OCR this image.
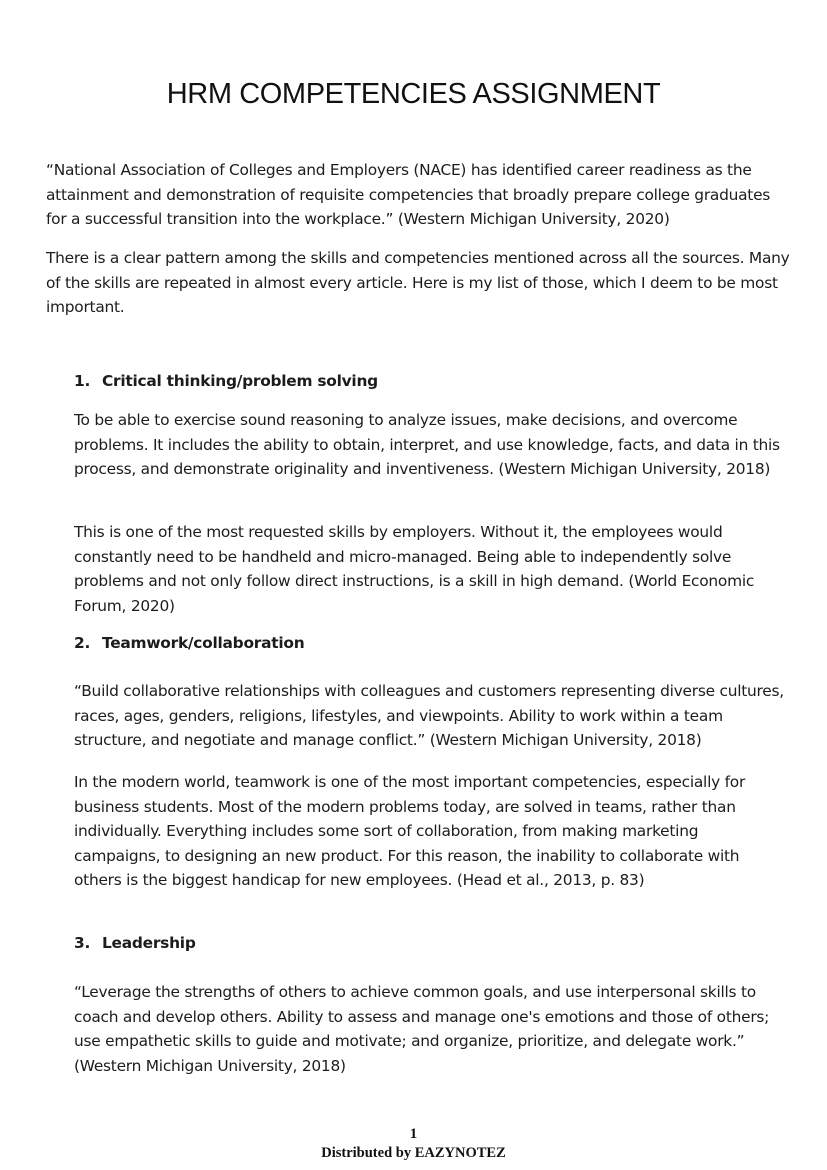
HRM COMPETENCIES ASSIGNMENT

“National Association of Colleges and Employers (NACE) has identified career readiness as the attainment and demonstration of requisite competencies that broadly prepare college graduates for a successful transition into the workplace.” (Western Michigan University, 2020)

There is a clear pattern among the skills and competencies mentioned across all the sources. Many of the skills are repeated in almost every article. Here is my list of those, which I deem to be most important.

1. Critical thinking/problem solving

To be able to exercise sound reasoning to analyze issues, make decisions, and overcome problems. It includes the ability to obtain, interpret, and use knowledge, facts, and data in this process, and demonstrate originality and inventiveness. (Western Michigan University, 2018)

This is one of the most requested skills by employers. Without it, the employees would constantly need to be handheld and micro-managed. Being able to independently solve problems and not only follow direct instructions, is a skill in high demand. (World Economic Forum, 2020)

2. Teamwork/collaboration

“Build collaborative relationships with colleagues and customers representing diverse cultures, races, ages, genders, religions, lifestyles, and viewpoints. Ability to work within a team structure, and negotiate and manage conflict.” (Western Michigan University, 2018)

In the modern world, teamwork is one of the most important competencies, especially for business students. Most of the modern problems today, are solved in teams, rather than individually. Everything includes some sort of collaboration, from making marketing campaigns, to designing an new product. For this reason, the inability to collaborate with others is the biggest handicap for new employees. (Head et al., 2013, p. 83)

3. Leadership

“Leverage the strengths of others to achieve common goals, and use interpersonal skills to coach and develop others. Ability to assess and manage one's emotions and those of others; use empathetic skills to guide and motivate; and organize, prioritize, and delegate work.” (Western Michigan University, 2018)

1
Distributed by EAZYNOTEZ
